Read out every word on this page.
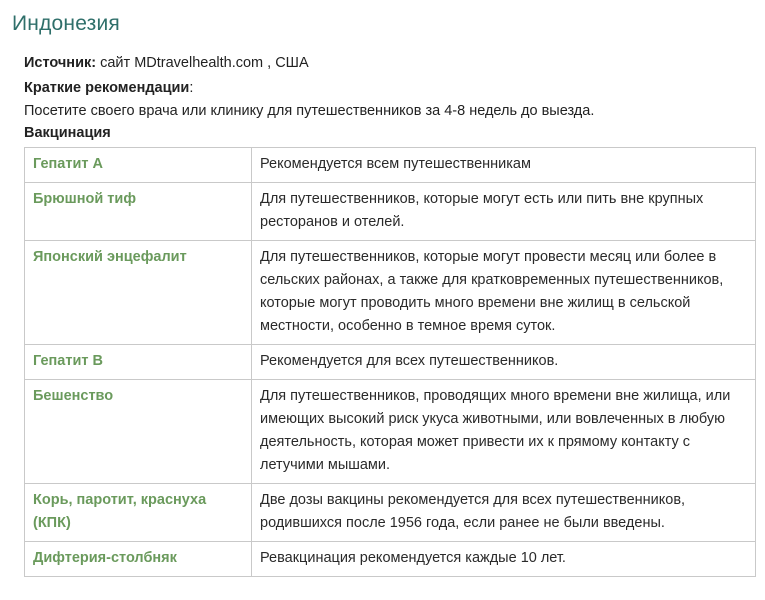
Индонезия
Источник: сайт MDtravelhealth.com , США
Краткие рекомендации:
Посетите своего врача или клинику для путешественников за 4-8 недель до выезда.
Вакцинация
Гепатит А	Рекомендуется всем путешественникам
Брюшной тиф	Для путешественников, которые могут есть или пить вне крупных ресторанов и отелей.
Японский энцефалит	Для путешественников, которые могут провести месяц или более в сельских районах, а также для кратковременных путешественников, которые могут проводить много времени вне жилищ в сельской местности, особенно в темное время суток.
Гепатит В	Рекомендуется для всех путешественников.
Бешенство	Для путешественников, проводящих много времени вне жилища, или имеющих высокий риск укуса животными, или вовлеченных в любую деятельность, которая может привести их к прямому контакту с летучими мышами.
Корь, паротит, краснуха (КПК)	Две дозы вакцины рекомендуется для всех путешественников, родившихся после 1956 года, если ранее не были введены.
Дифтерия-столбняк	Ревакцинация рекомендуется каждые 10 лет.
